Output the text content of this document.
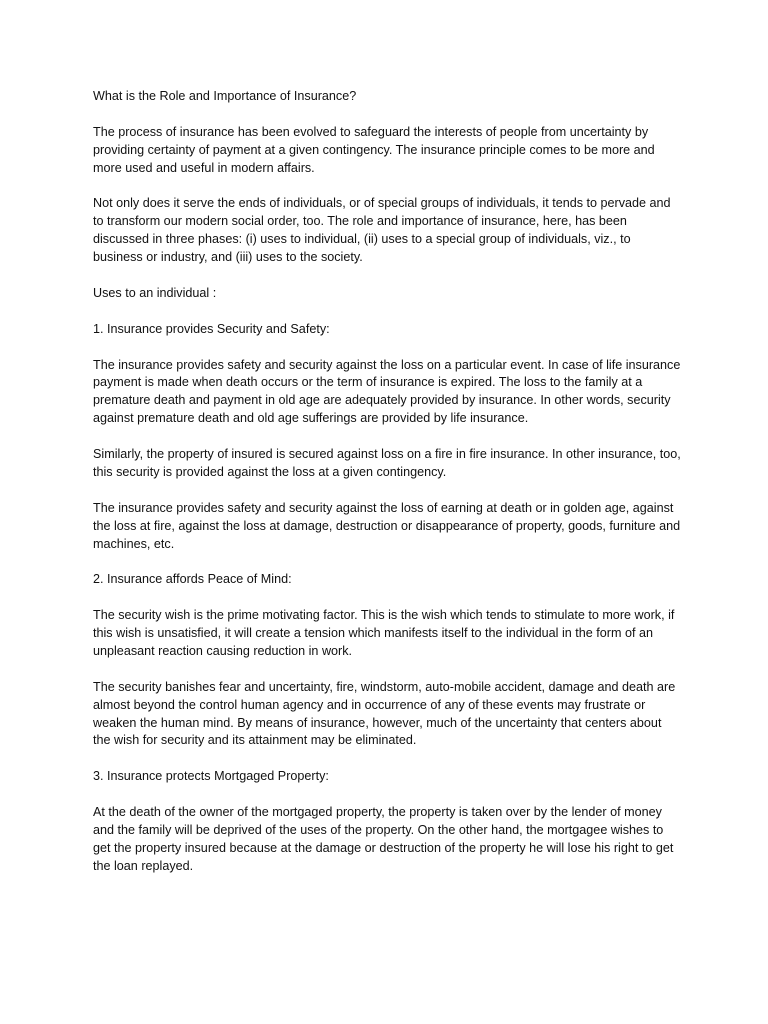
What is the Role and Importance of Insurance?

The process of insurance has been evolved to safeguard the interests of people from uncertainty by providing certainty of payment at a given contingency. The insurance principle comes to be more and more used and useful in modern affairs.

Not only does it serve the ends of individuals, or of special groups of individuals, it tends to pervade and to transform our modern social order, too. The role and importance of insurance, here, has been discussed in three phases: (i) uses to individual, (ii) uses to a special group of individuals, viz., to business or industry, and (iii) uses to the society.

Uses to an individual :

1. Insurance provides Security and Safety:

The insurance provides safety and security against the loss on a particular event. In case of life insurance payment is made when death occurs or the term of insurance is expired. The loss to the family at a premature death and payment in old age are adequately provided by insurance. In other words, security against premature death and old age sufferings are provided by life insurance.

Similarly, the property of insured is secured against loss on a fire in fire insurance. In other insurance, too, this security is provided against the loss at a given contingency.

The insurance provides safety and security against the loss of earning at death or in golden age, against the loss at fire, against the loss at damage, destruction or disappearance of property, goods, furniture and machines, etc.

2. Insurance affords Peace of Mind:

The security wish is the prime motivating factor. This is the wish which tends to stimulate to more work, if this wish is unsatisfied, it will create a tension which manifests itself to the individual in the form of an unpleasant reaction causing reduction in work.

The security banishes fear and uncertainty, fire, windstorm, auto-mobile accident, damage and death are almost beyond the control human agency and in occurrence of any of these events may frustrate or weaken the human mind. By means of insurance, however, much of the uncertainty that centers about the wish for security and its attainment may be eliminated.

3. Insurance protects Mortgaged Property:

At the death of the owner of the mortgaged property, the property is taken over by the lender of money and the family will be deprived of the uses of the property. On the other hand, the mortgagee wishes to get the property insured because at the damage or destruction of the property he will lose his right to get the loan replayed.
